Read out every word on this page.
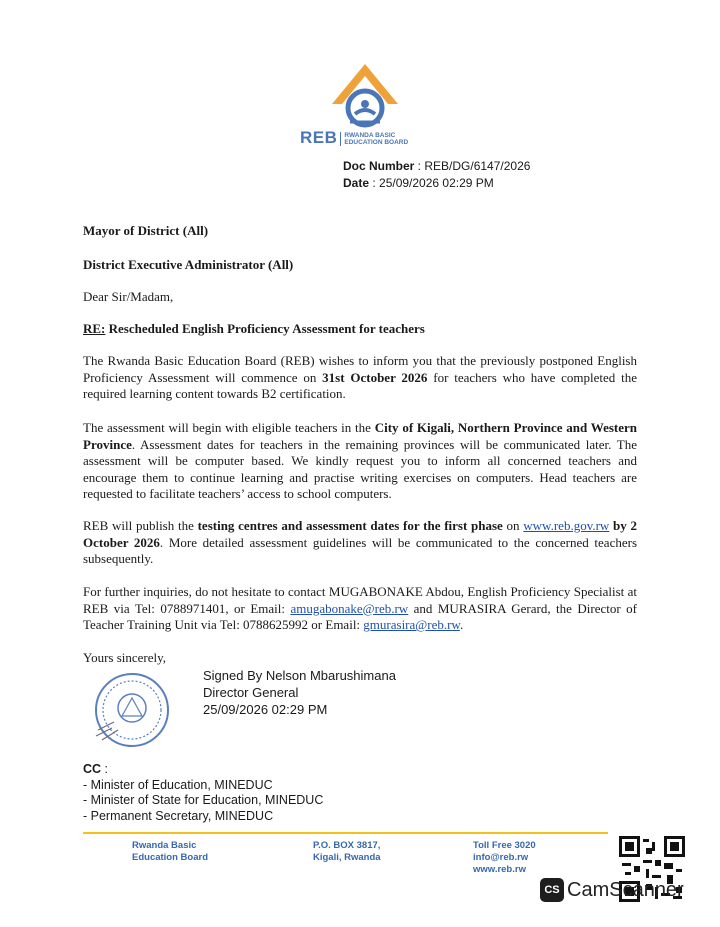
REB RWANDA BASIC
EDUCATION BOARD
Doc Number : REB/DG/6147/2026
Date : 25/09/2026 02:29 PM
Mayor of District (All)
District Executive Administrator (All)
Dear Sir/Madam,
RE: Rescheduled English Proficiency Assessment for teachers
The Rwanda Basic Education Board (REB) wishes to inform you that the previously postponed English Proficiency Assessment will commence on 31st October 2026 for teachers who have completed the required learning content towards B2 certification.
The assessment will begin with eligible teachers in the City of Kigali, Northern Province and Western Province. Assessment dates for teachers in the remaining provinces will be communicated later. The assessment will be computer based. We kindly request you to inform all concerned teachers and encourage them to continue learning and practise writing exercises on computers. Head teachers are requested to facilitate teachers’ access to school computers.
REB will publish the testing centres and assessment dates for the first phase on www.reb.gov.rw by 2 October 2026. More detailed assessment guidelines will be communicated to the concerned teachers subsequently.
For further inquiries, do not hesitate to contact MUGABONAKE Abdou, English Proficiency Specialist at REB via Tel: 0788971401, or Email: amugabonake@reb.rw and MURASIRA Gerard, the Director of Teacher Training Unit via Tel: 0788625992 or Email: gmurasira@reb.rw.
Yours sincerely,
Signed By Nelson Mbarushimana
Director General
25/09/2026 02:29 PM
CC :
- Minister of Education, MINEDUC
- Minister of State for Education, MINEDUC
- Permanent Secretary, MINEDUC
Rwanda Basic
Education Board
P.O. BOX 3817,
Kigali, Rwanda
Toll Free 3020
info@reb.rw
www.reb.rw
CS CamScanner
